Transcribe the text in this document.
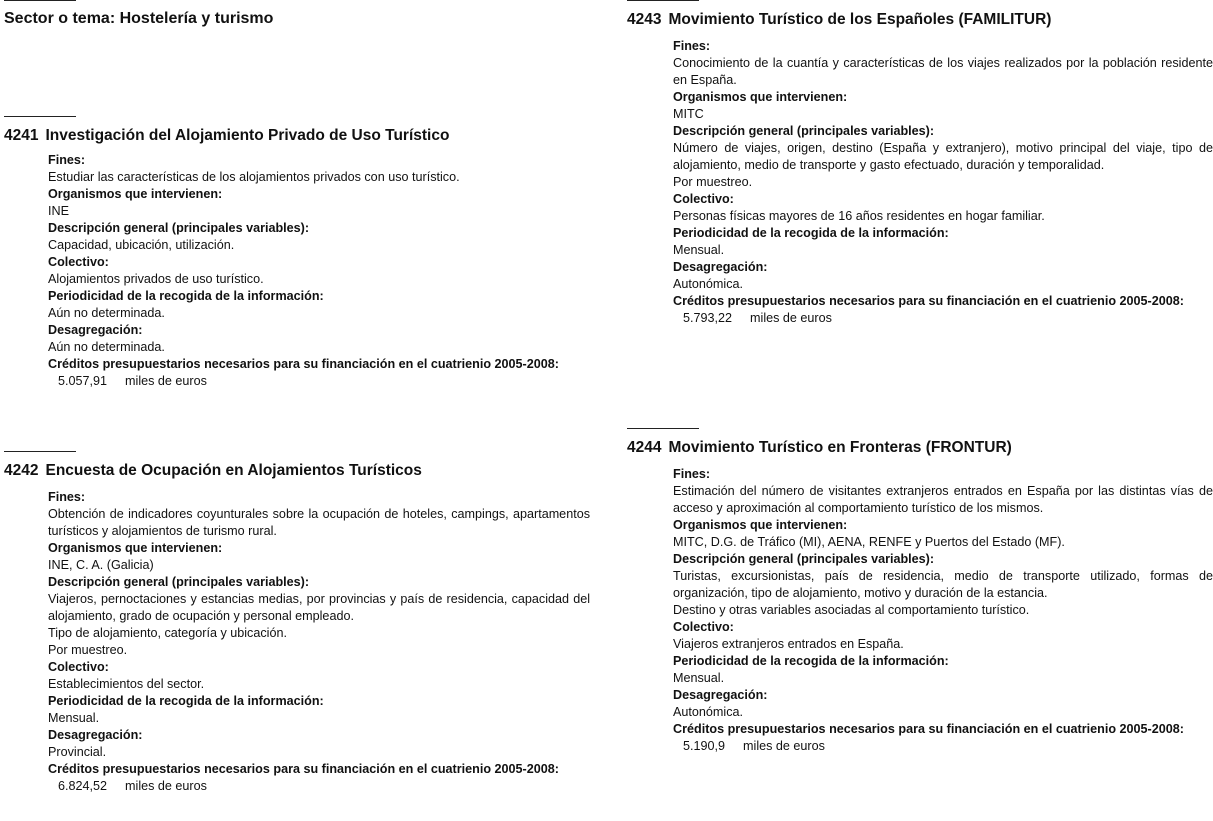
Sector o tema: Hostelería y turismo
4241 Investigación del Alojamiento Privado de Uso Turístico
Fines:
Estudiar las características de los alojamientos privados con uso turístico.
Organismos que intervienen:
INE
Descripción general (principales variables):
Capacidad, ubicación, utilización.
Colectivo:
Alojamientos privados de uso turístico.
Periodicidad de la recogida de la información:
Aún no determinada.
Desagregación:
Aún no determinada.
Créditos presupuestarios necesarios para su financiación en el cuatrienio 2005-2008:
5.057,91 miles de euros
4242 Encuesta de Ocupación en Alojamientos Turísticos
Fines:
Obtención de indicadores coyunturales sobre la ocupación de hoteles, campings, apartamentos turísticos y alojamientos de turismo rural.
Organismos que intervienen:
INE, C. A. (Galicia)
Descripción general (principales variables):
Viajeros, pernoctaciones y estancias medias, por provincias y país de residencia, capacidad del alojamiento, grado de ocupación y personal empleado.
Tipo de alojamiento, categoría y ubicación.
Por muestreo.
Colectivo:
Establecimientos del sector.
Periodicidad de la recogida de la información:
Mensual.
Desagregación:
Provincial.
Créditos presupuestarios necesarios para su financiación en el cuatrienio 2005-2008:
6.824,52 miles de euros
4243 Movimiento Turístico de los Españoles (FAMILITUR)
Fines:
Conocimiento de la cuantía y características de los viajes realizados por la población residente en España.
Organismos que intervienen:
MITC
Descripción general (principales variables):
Número de viajes, origen, destino (España y extranjero), motivo principal del viaje, tipo de alojamiento, medio de transporte y gasto efectuado, duración y temporalidad.
Por muestreo.
Colectivo:
Personas físicas mayores de 16 años residentes en hogar familiar.
Periodicidad de la recogida de la información:
Mensual.
Desagregación:
Autonómica.
Créditos presupuestarios necesarios para su financiación en el cuatrienio 2005-2008:
5.793,22 miles de euros
4244 Movimiento Turístico en Fronteras (FRONTUR)
Fines:
Estimación del número de visitantes extranjeros entrados en España por las distintas vías de acceso y aproximación al comportamiento turístico de los mismos.
Organismos que intervienen:
MITC, D.G. de Tráfico (MI), AENA, RENFE y Puertos del Estado (MF).
Descripción general (principales variables):
Turistas, excursionistas, país de residencia, medio de transporte utilizado, formas de organización, tipo de alojamiento, motivo y duración de la estancia.
Destino y otras variables asociadas al comportamiento turístico.
Colectivo:
Viajeros extranjeros entrados en España.
Periodicidad de la recogida de la información:
Mensual.
Desagregación:
Autonómica.
Créditos presupuestarios necesarios para su financiación en el cuatrienio 2005-2008:
5.190,9 miles de euros
